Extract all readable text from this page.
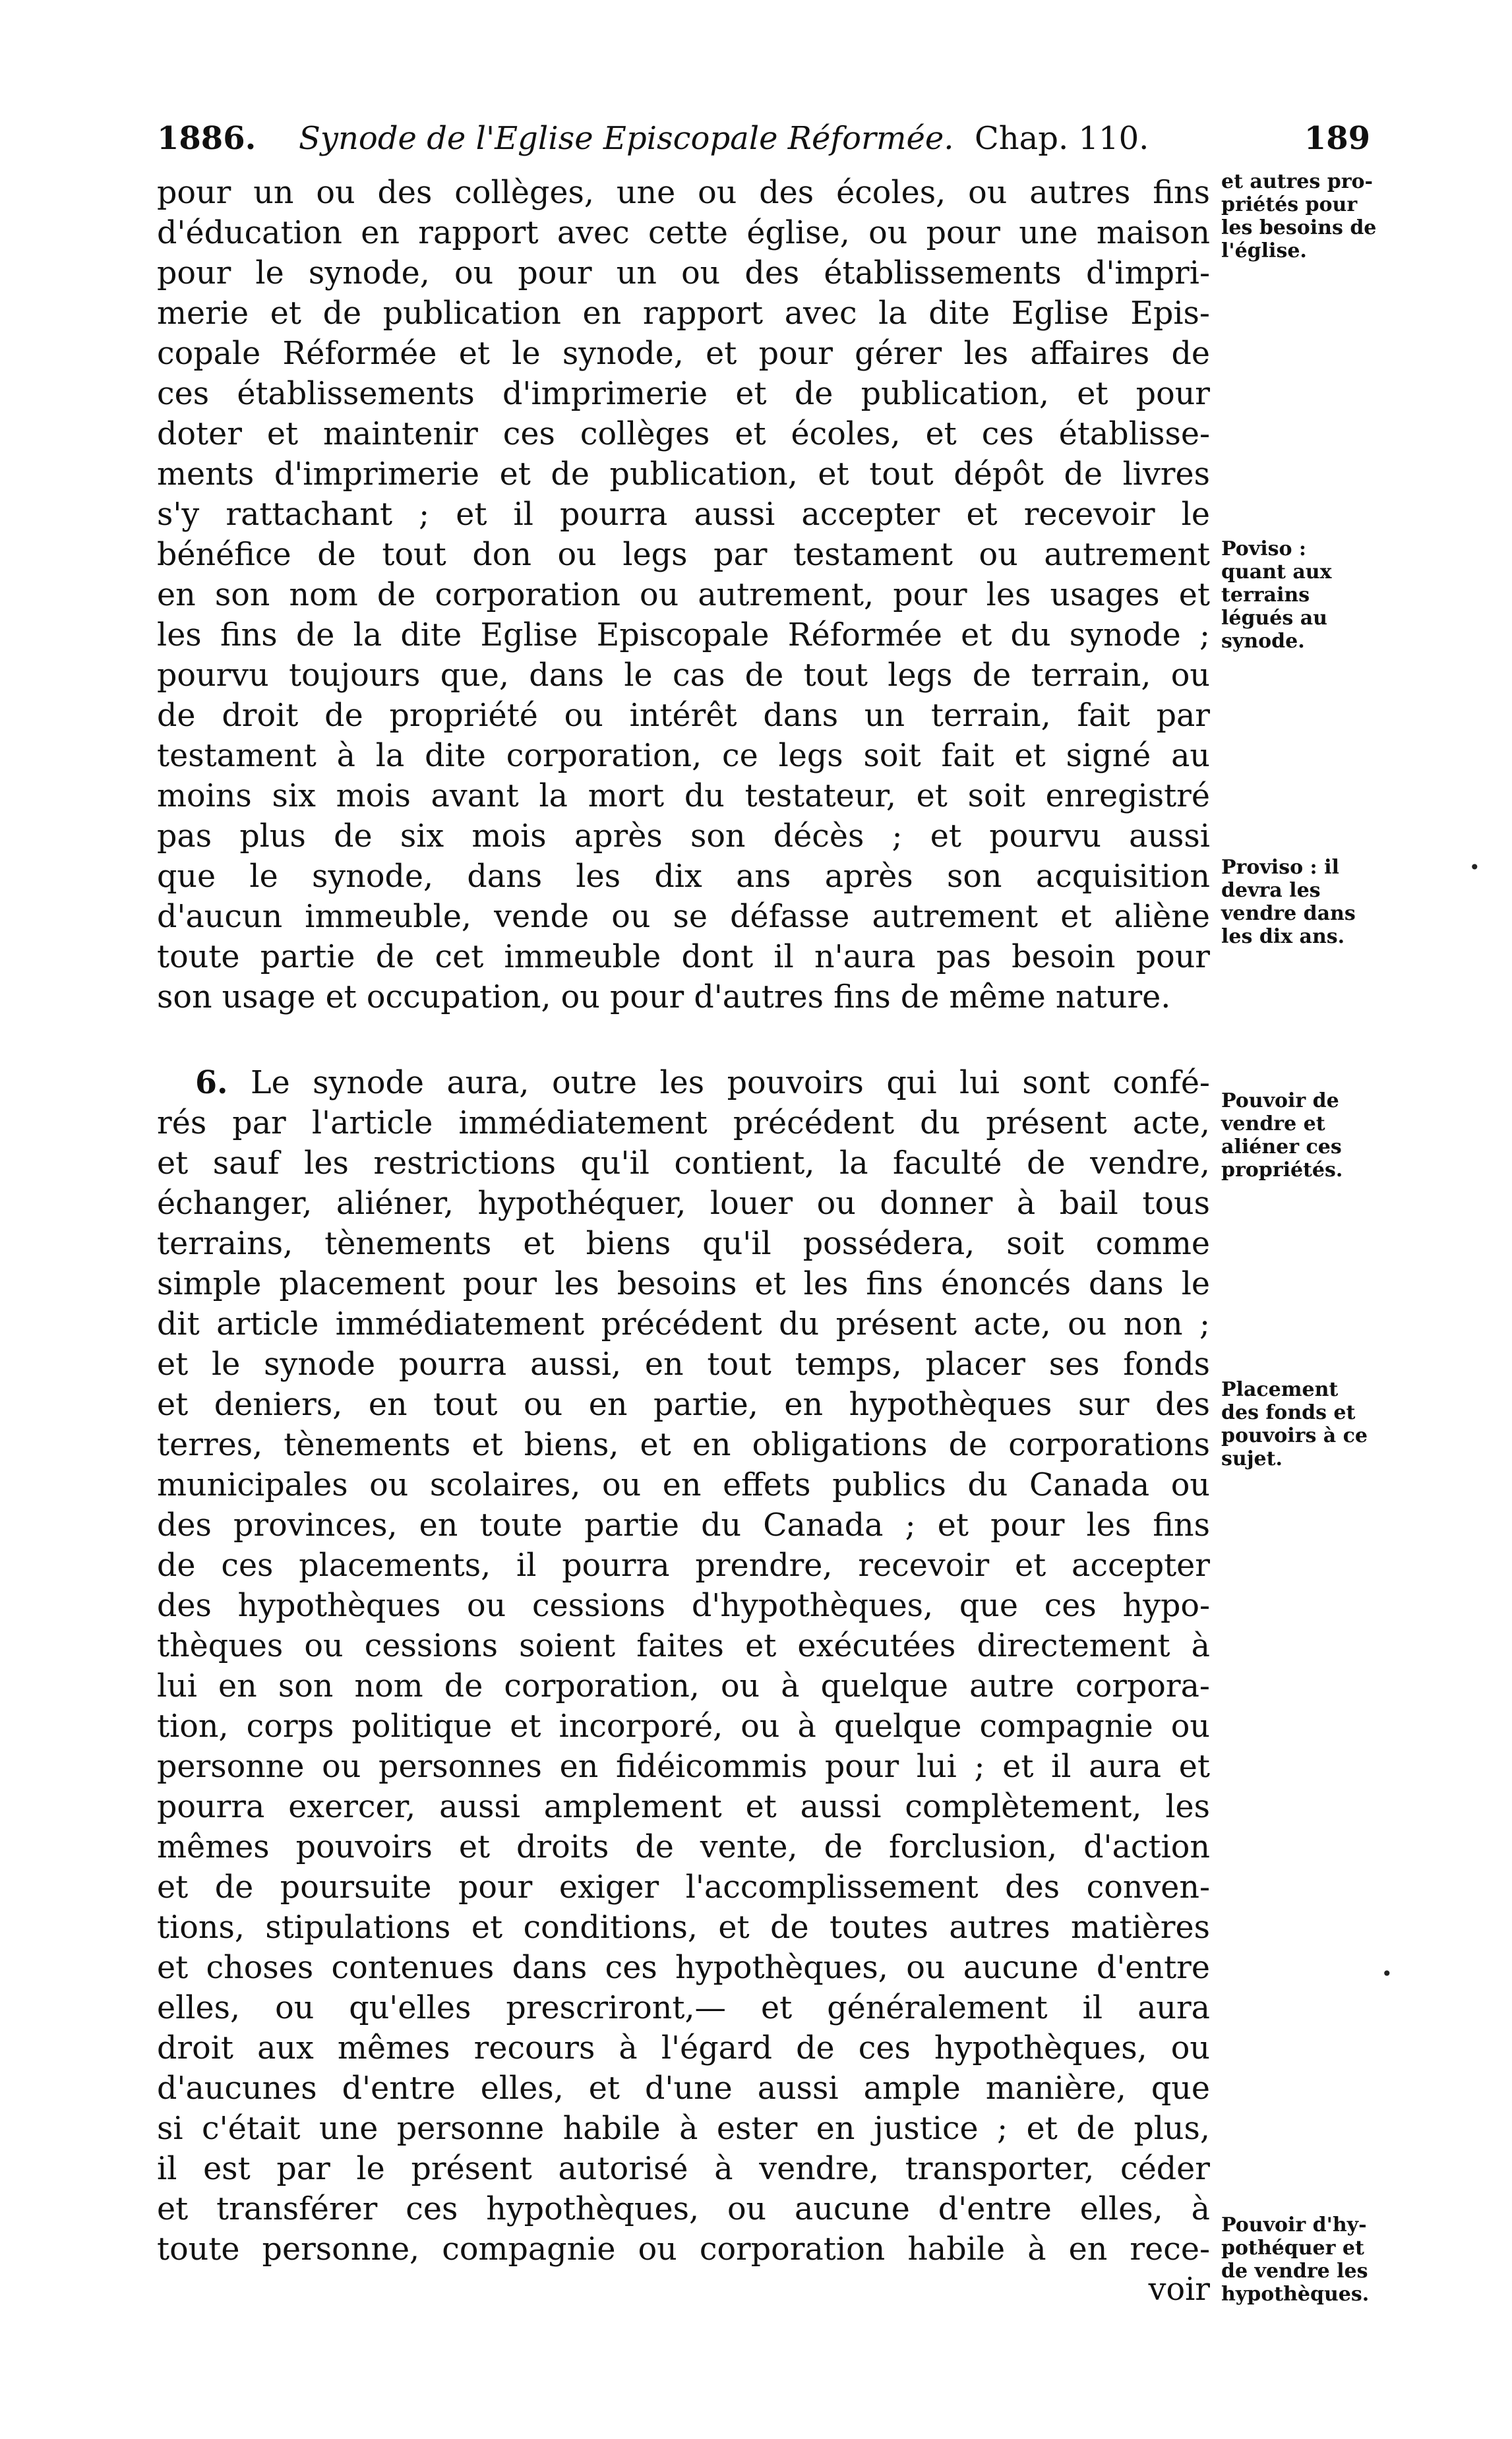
1886. Synode de l'Eglise Episcopale Réformée. Chap. 110.	189
pour un ou des collèges, une ou des écoles, ou autres fins
d'éducation en rapport avec cette église, ou pour une maison
pour le synode, ou pour un ou des établissements d'impri-
merie et de publication en rapport avec la dite Eglise Epis-
copale Réformée et le synode, et pour gérer les affaires de
ces établissements d'imprimerie et de publication, et pour
doter et maintenir ces collèges et écoles, et ces établisse-
ments d'imprimerie et de publication, et tout dépôt de livres
s'y rattachant ; et il pourra aussi accepter et recevoir le
bénéfice de tout don ou legs par testament ou autrement
en son nom de corporation ou autrement, pour les usages et
les fins de la dite Eglise Episcopale Réformée et du synode ;
pourvu toujours que, dans le cas de tout legs de terrain, ou
de droit de propriété ou intérêt dans un terrain, fait par
testament à la dite corporation, ce legs soit fait et signé au
moins six mois avant la mort du testateur, et soit enregistré
pas plus de six mois après son décès ; et pourvu aussi
que le synode, dans les dix ans après son acquisition
d'aucun immeuble, vende ou se défasse autrement et aliène
toute partie de cet immeuble dont il n'aura pas besoin pour
son usage et occupation, ou pour d'autres fins de même nature.
6. Le synode aura, outre les pouvoirs qui lui sont confé-
rés par l'article immédiatement précédent du présent acte,
et sauf les restrictions qu'il contient, la faculté de vendre,
échanger, aliéner, hypothéquer, louer ou donner à bail tous
terrains, tènements et biens qu'il possédera, soit comme
simple placement pour les besoins et les fins énoncés dans le
dit article immédiatement précédent du présent acte, ou non ;
et le synode pourra aussi, en tout temps, placer ses fonds
et deniers, en tout ou en partie, en hypothèques sur des
terres, tènements et biens, et en obligations de corporations
municipales ou scolaires, ou en effets publics du Canada ou
des provinces, en toute partie du Canada ; et pour les fins
de ces placements, il pourra prendre, recevoir et accepter
des hypothèques ou cessions d'hypothèques, que ces hypo-
thèques ou cessions soient faites et exécutées directement à
lui en son nom de corporation, ou à quelque autre corpora-
tion, corps politique et incorporé, ou à quelque compagnie ou
personne ou personnes en fidéicommis pour lui ; et il aura et
pourra exercer, aussi amplement et aussi complètement, les
mêmes pouvoirs et droits de vente, de forclusion, d'action
et de poursuite pour exiger l'accomplissement des conven-
tions, stipulations et conditions, et de toutes autres matières
et choses contenues dans ces hypothèques, ou aucune d'entre
elles, ou qu'elles prescriront,— et généralement il aura
droit aux mêmes recours à l'égard de ces hypothèques, ou
d'aucunes d'entre elles, et d'une aussi ample manière, que
si c'était une personne habile à ester en justice ; et de plus,
il est par le présent autorisé à vendre, transporter, céder
et transférer ces hypothèques, ou aucune d'entre elles, à
toute personne, compagnie ou corporation habile à en rece-
voir
et autres pro-
priétés pour
les besoins de
l'église.
Poviso :
quant aux
terrains
légués au
synode.
Proviso : il
devra les
vendre dans
les dix ans.
Pouvoir de
vendre et
aliéner ces
propriétés.
Placement
des fonds et
pouvoirs à ce
sujet.
Pouvoir d'hy-
pothéquer et
de vendre les
hypothèques.
•
•
